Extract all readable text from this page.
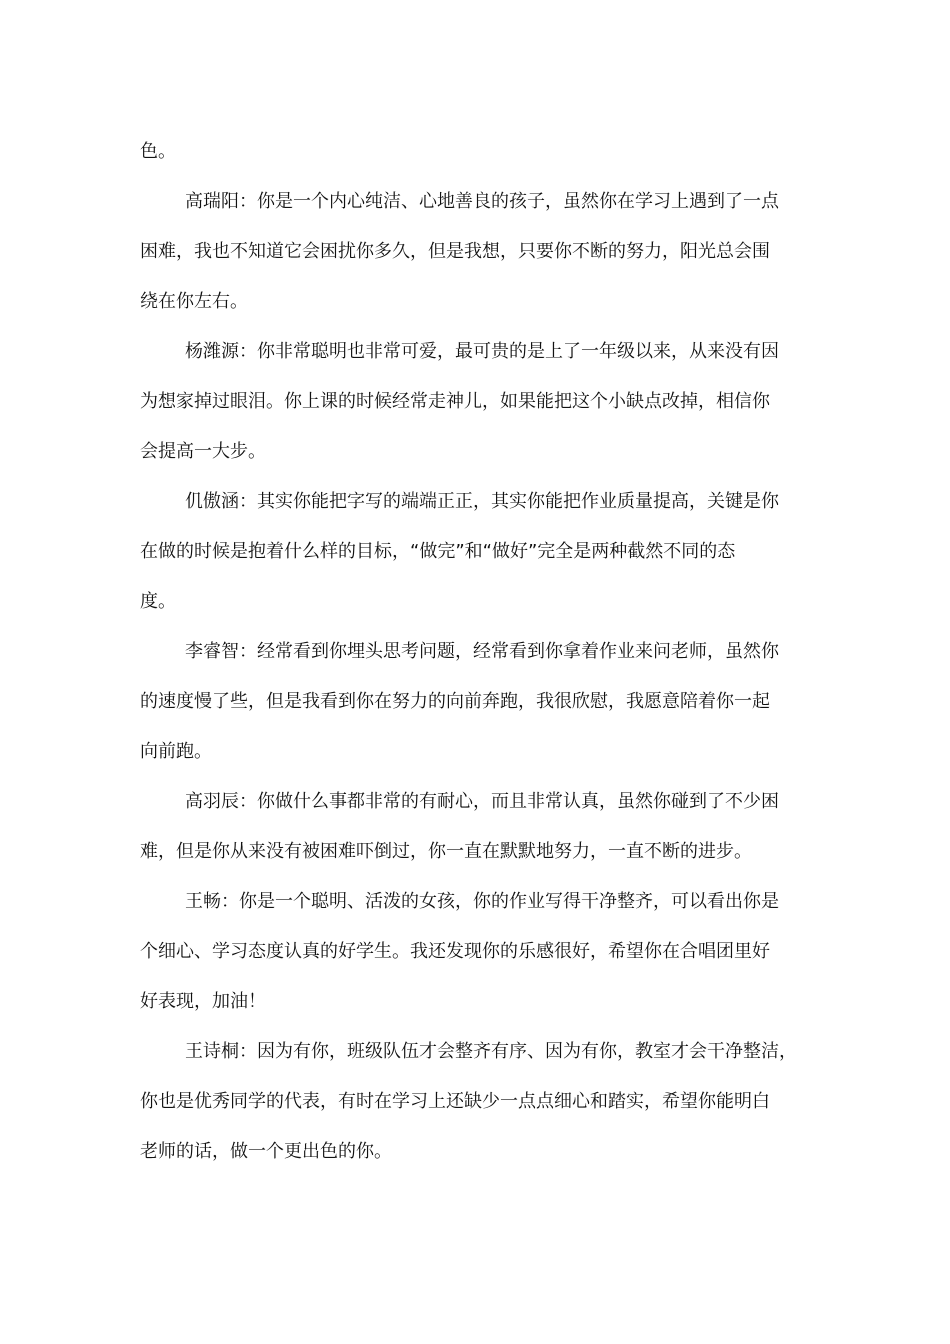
色。
高瑞阳：你是一个内心纯洁、心地善良的孩子，虽然你在学习上遇到了一点
困难，我也不知道它会困扰你多久，但是我想，只要你不断的努力，阳光总会围
绕在你左右。
杨潍源：你非常聪明也非常可爱，最可贵的是上了一年级以来，从来没有因
为想家掉过眼泪。你上课的时候经常走神儿，如果能把这个小缺点改掉，相信你
会提高一大步。
仉傲涵：其实你能把字写的端端正正，其实你能把作业质量提高，关键是你
在做的时候是抱着什么样的目标，“做完”和“做好”完全是两种截然不同的态
度。
李睿智：经常看到你埋头思考问题，经常看到你拿着作业来问老师，虽然你
的速度慢了些，但是我看到你在努力的向前奔跑，我很欣慰，我愿意陪着你一起
向前跑。
高羽辰：你做什么事都非常的有耐心，而且非常认真，虽然你碰到了不少困
难，但是你从来没有被困难吓倒过，你一直在默默地努力，一直不断的进步。
王畅：你是一个聪明、活泼的女孩，你的作业写得干净整齐，可以看出你是
个细心、学习态度认真的好学生。我还发现你的乐感很好，希望你在合唱团里好
好表现，加油！
王诗桐：因为有你，班级队伍才会整齐有序、因为有你，教室才会干净整洁，
你也是优秀同学的代表，有时在学习上还缺少一点点细心和踏实，希望你能明白
老师的话，做一个更出色的你。
